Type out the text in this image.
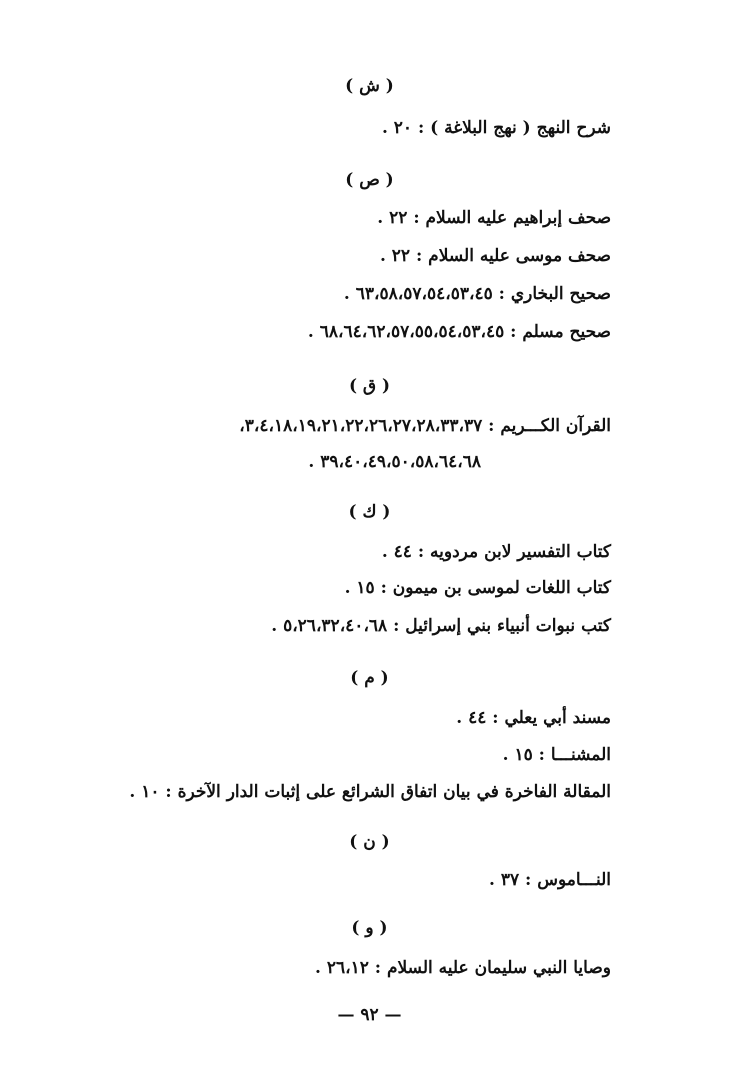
( ش )
شرح النهج ( نهج البلاغة ) : ٢٠ .
( ص )
صحف إبراهيم عليه السلام : ٢٢ .
صحف موسى عليه السلام : ٢٢ .
صحيح البخاري : ٦٣،٥٨،٥٧،٥٤،٥٣،٤٥ .
صحيح مسلم : ٦٨،٦٤،٦٢،٥٧،٥٥،٥٤،٥٣،٤٥ .
( ق )
القرآن الكـــريم : ٣،٤،١٨،١٩،٢١،٢٢،٢٦،٢٧،٢٨،٣٣،٣٧،
٣٩،٤٠،٤٩،٥٠،٥٨،٦٤،٦٨ .
( ك )
كتاب التفسير لابن مردويه : ٤٤ .
كتاب اللغات لموسى بن ميمون : ١٥ .
كتب نبوات أنبياء بني إسرائيل : ٥،٢٦،٣٢،٤٠،٦٨ .
( م )
مسند أبي يعلي : ٤٤ .
المشنـــا : ١٥ .
المقالة الفاخرة في بيان اتفاق الشرائع على إثبات الدار الآخرة : ١٠ .
( ن )
النـــاموس : ٣٧ .
( و )
وصايا النبي سليمان عليه السلام : ٢٦،١٢ .
— ٩٢ —
